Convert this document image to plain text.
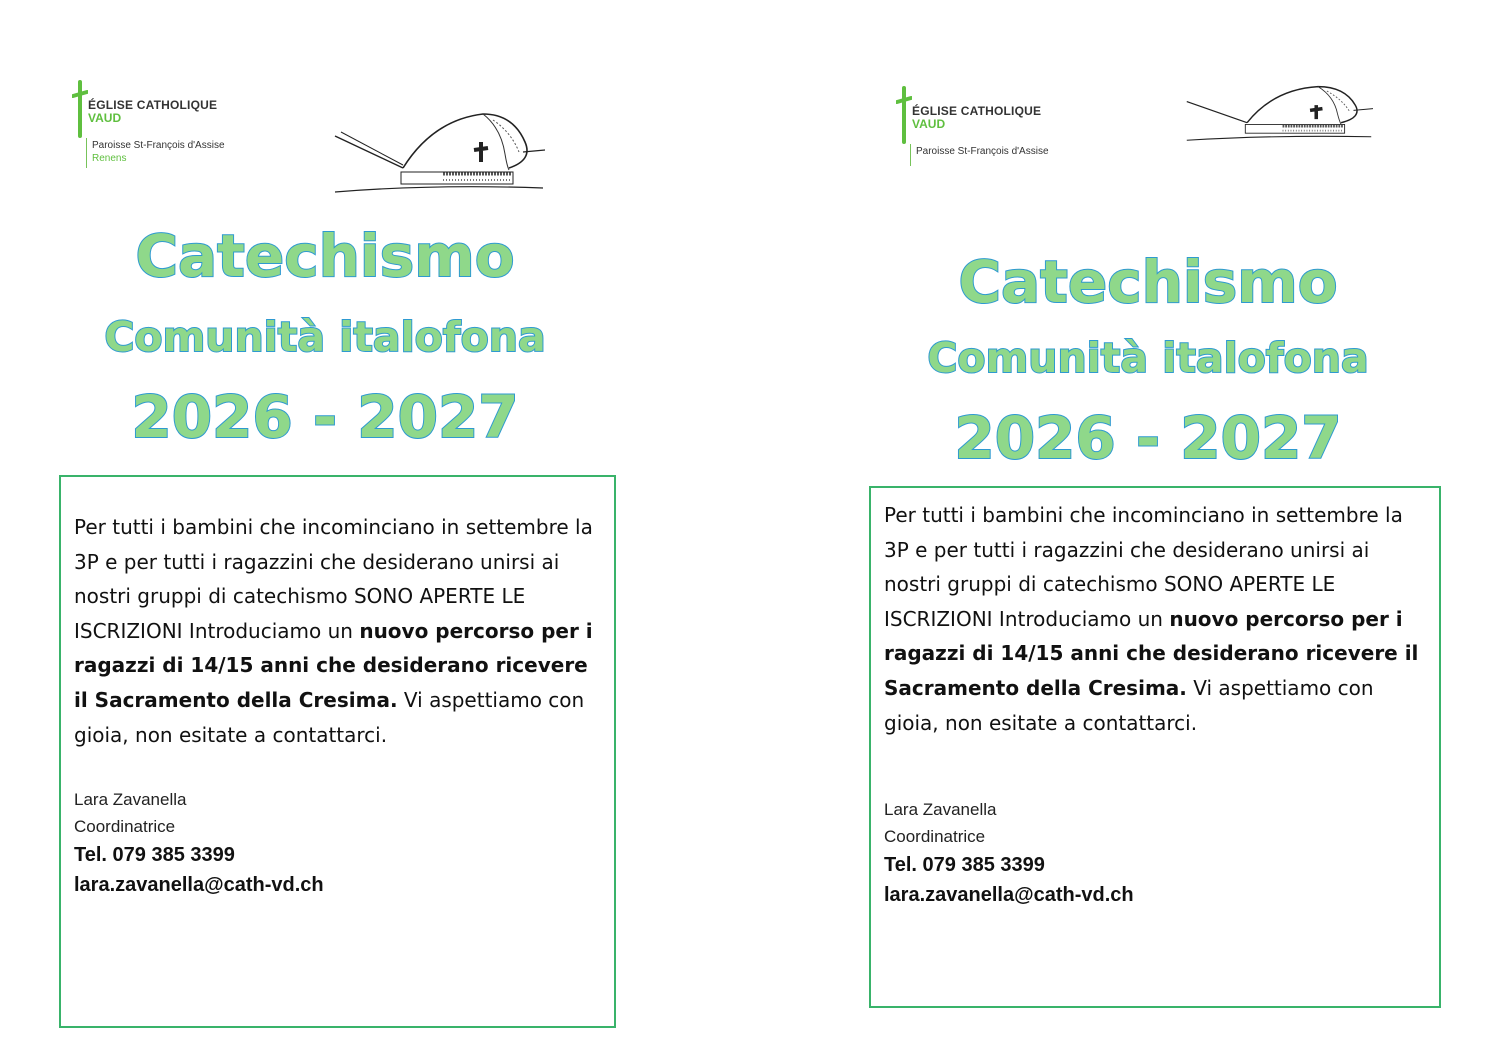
ÉGLISE CATHOLIQUE
VAUD
Paroisse St-François d'Assise
Renens
Catechismo
Comunità italofona
2026 - 2027

Per tutti i bambini che incominciano in settembre la 3P e per tutti i ragazzini che desiderano unirsi ai nostri gruppi di catechismo SONO APERTE LE ISCRIZIONI Introduciamo un nuovo percorso per i ragazzi di 14/15 anni che desiderano ricevere il Sacramento della Cresima. Vi aspettiamo con gioia, non esitate a contattarci.

Lara Zavanella
Coordinatrice
Tel. 079 385 3399
lara.zavanella@cath-vd.ch
ÉGLISE CATHOLIQUE
VAUD
Paroisse St-François d'Assise
Catechismo
Comunità italofona
2026 - 2027

Per tutti i bambini che incominciano in settembre la 3P e per tutti i ragazzini che desiderano unirsi ai nostri gruppi di catechismo SONO APERTE LE ISCRIZIONI Introduciamo un nuovo percorso per i ragazzi di 14/15 anni che desiderano ricevere il Sacramento della Cresima. Vi aspettiamo con gioia, non esitate a contattarci.

Lara Zavanella
Coordinatrice
Tel. 079 385 3399
lara.zavanella@cath-vd.ch
